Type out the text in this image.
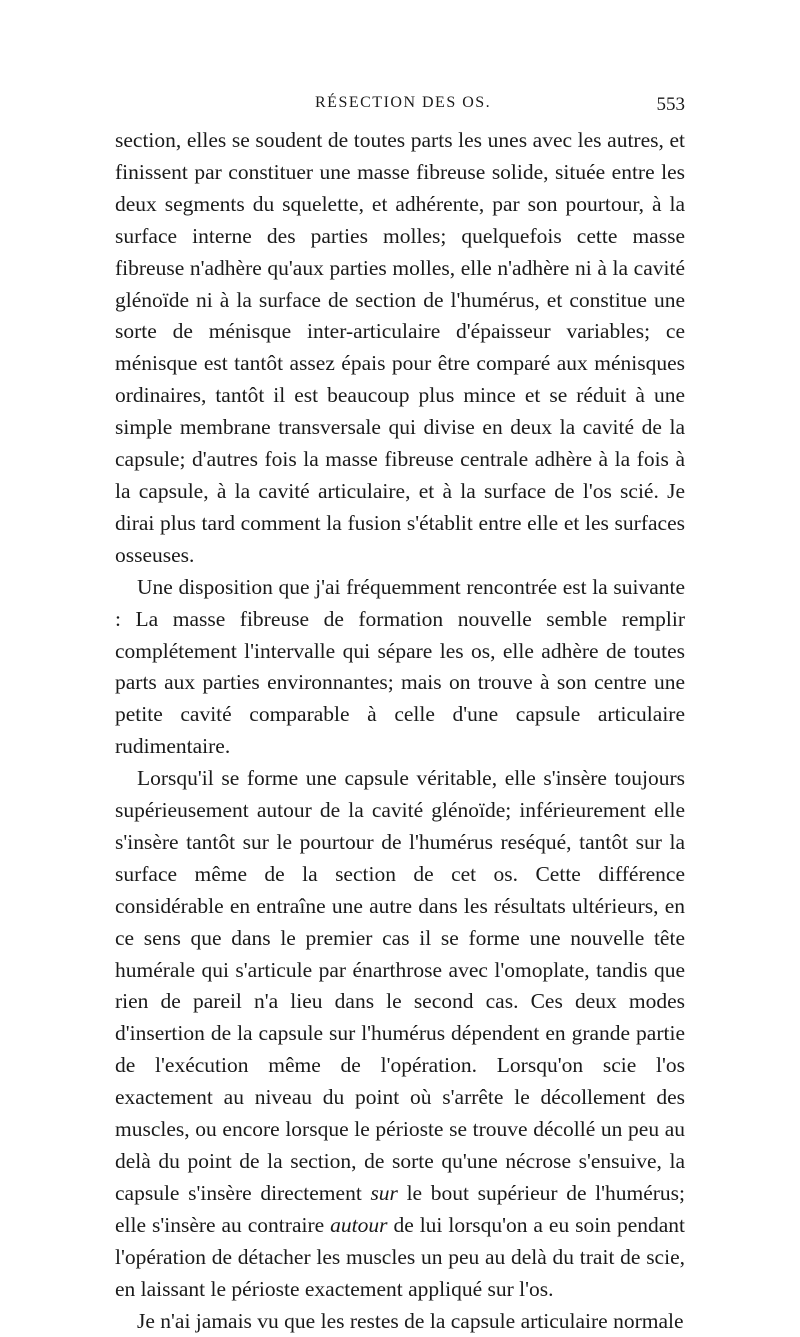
RÉSECTION DES OS.	553

section, elles se soudent de toutes parts les unes avec les autres, et finissent par constituer une masse fibreuse solide, située entre les deux segments du squelette, et adhérente, par son pourtour, à la surface interne des parties molles; quelquefois cette masse fibreuse n'adhère qu'aux parties molles, elle n'adhère ni à la cavité glénoïde ni à la surface de section de l'humérus, et constitue une sorte de ménisque inter-articulaire d'épaisseur variables; ce ménisque est tantôt assez épais pour être comparé aux ménisques ordinaires, tantôt il est beaucoup plus mince et se réduit à une simple membrane transversale qui divise en deux la cavité de la capsule; d'autres fois la masse fibreuse centrale adhère à la fois à la capsule, à la cavité articulaire, et à la surface de l'os scié. Je dirai plus tard comment la fusion s'établit entre elle et les surfaces osseuses.

Une disposition que j'ai fréquemment rencontrée est la suivante : La masse fibreuse de formation nouvelle semble remplir complétement l'intervalle qui sépare les os, elle adhère de toutes parts aux parties environnantes; mais on trouve à son centre une petite cavité comparable à celle d'une capsule articulaire rudimentaire.

Lorsqu'il se forme une capsule véritable, elle s'insère toujours supérieusement autour de la cavité glénoïde; inférieurement elle s'insère tantôt sur le pourtour de l'humérus reséqué, tantôt sur la surface même de la section de cet os. Cette différence considérable en entraîne une autre dans les résultats ultérieurs, en ce sens que dans le premier cas il se forme une nouvelle tête humérale qui s'articule par énarthrose avec l'omoplate, tandis que rien de pareil n'a lieu dans le second cas. Ces deux modes d'insertion de la capsule sur l'humérus dépendent en grande partie de l'exécution même de l'opération. Lorsqu'on scie l'os exactement au niveau du point où s'arrête le décollement des muscles, ou encore lorsque le périoste se trouve décollé un peu au delà du point de la section, de sorte qu'une nécrose s'ensuive, la capsule s'insère directement sur le bout supérieur de l'humérus; elle s'insère au contraire autour de lui lorsqu'on a eu soin pendant l'opération de détacher les muscles un peu au delà du trait de scie, en laissant le périoste exactement appliqué sur l'os.

Je n'ai jamais vu que les restes de la capsule articulaire normale
